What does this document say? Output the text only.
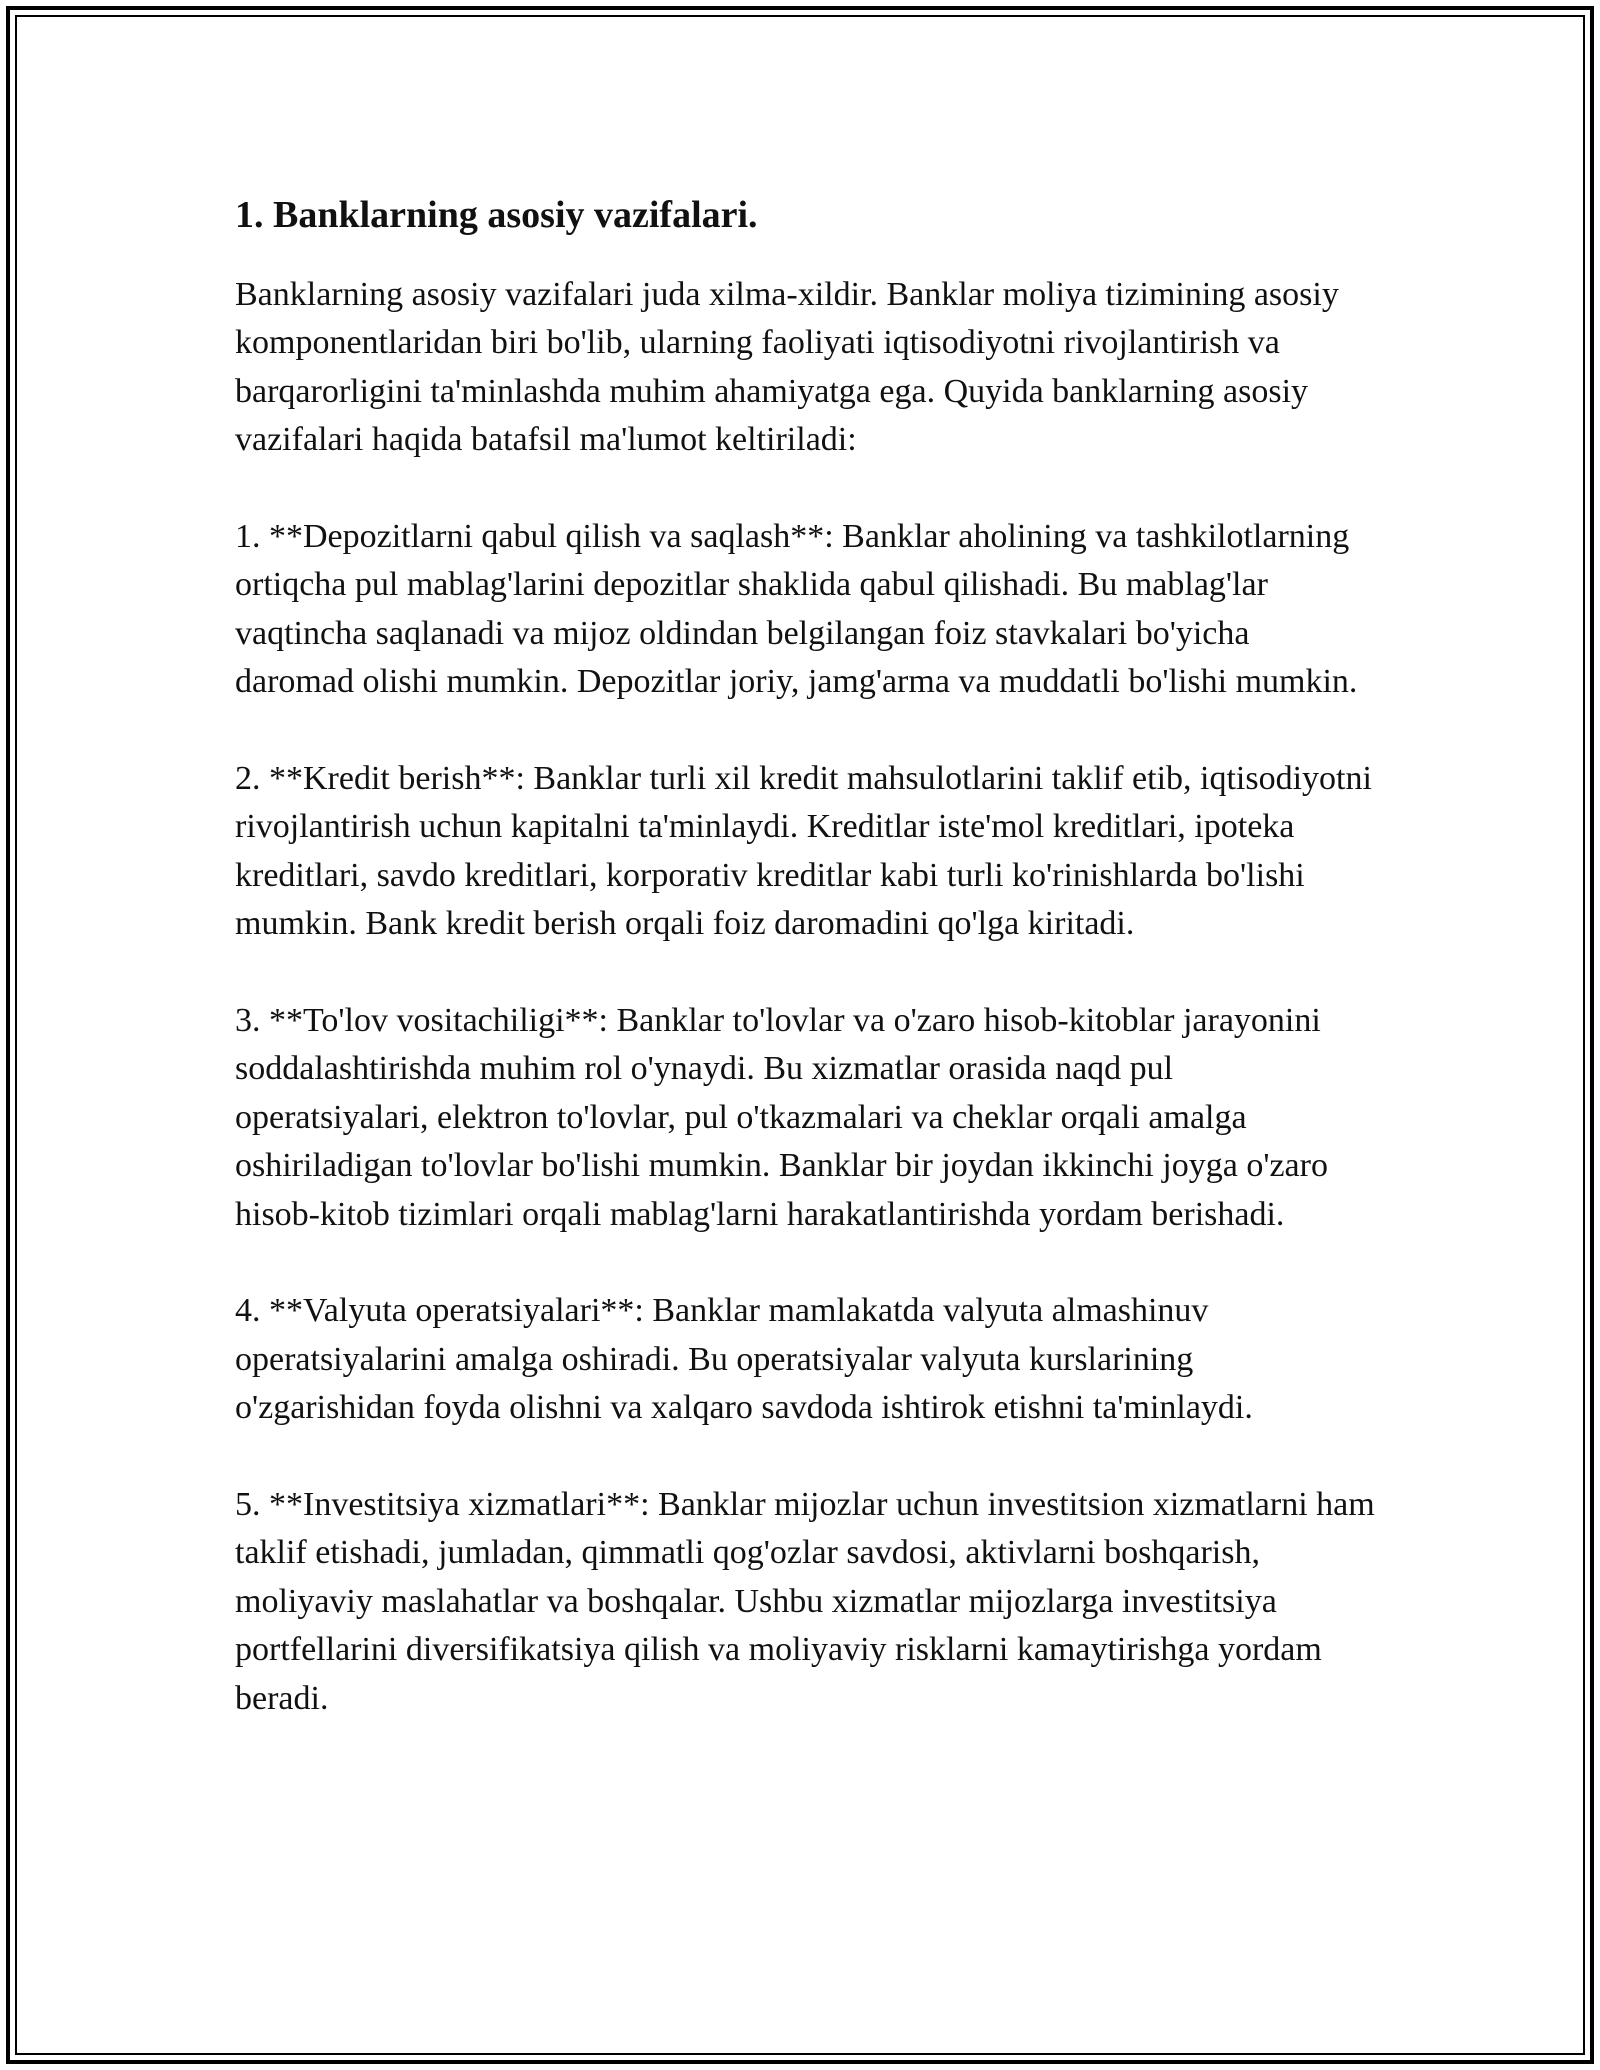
1. Banklarning asosiy vazifalari.

Banklarning asosiy vazifalari juda xilma-xildir. Banklar moliya tizimining asosiy komponentlaridan biri bo'lib, ularning faoliyati iqtisodiyotni rivojlantirish va barqarorligini ta'minlashda muhim ahamiyatga ega. Quyida banklarning asosiy vazifalari haqida batafsil ma'lumot keltiriladi:

1. **Depozitlarni qabul qilish va saqlash**: Banklar aholining va tashkilotlarning ortiqcha pul mablag'larini depozitlar shaklida qabul qilishadi. Bu mablag'lar vaqtincha saqlanadi va mijoz oldindan belgilangan foiz stavkalari bo'yicha daromad olishi mumkin. Depozitlar joriy, jamg'arma va muddatli bo'lishi mumkin.

2. **Kredit berish**: Banklar turli xil kredit mahsulotlarini taklif etib, iqtisodiyotni rivojlantirish uchun kapitalni ta'minlaydi. Kreditlar iste'mol kreditlari, ipoteka kreditlari, savdo kreditlari, korporativ kreditlar kabi turli ko'rinishlarda bo'lishi mumkin. Bank kredit berish orqali foiz daromadini qo'lga kiritadi.

3. **To'lov vositachiligi**: Banklar to'lovlar va o'zaro hisob-kitoblar jarayonini soddalashtirishda muhim rol o'ynaydi. Bu xizmatlar orasida naqd pul operatsiyalari, elektron to'lovlar, pul o'tkazmalari va cheklar orqali amalga oshiriladigan to'lovlar bo'lishi mumkin. Banklar bir joydan ikkinchi joyga o'zaro hisob-kitob tizimlari orqali mablag'larni harakatlantirishda yordam berishadi.

4. **Valyuta operatsiyalari**: Banklar mamlakatda valyuta almashinuv operatsiyalarini amalga oshiradi. Bu operatsiyalar valyuta kurslarining o'zgarishidan foyda olishni va xalqaro savdoda ishtirok etishni ta'minlaydi.

5. **Investitsiya xizmatlari**: Banklar mijozlar uchun investitsion xizmatlarni ham taklif etishadi, jumladan, qimmatli qog'ozlar savdosi, aktivlarni boshqarish, moliyaviy maslahatlar va boshqalar. Ushbu xizmatlar mijozlarga investitsiya portfellarini diversifikatsiya qilish va moliyaviy risklarni kamaytirishga yordam beradi.
